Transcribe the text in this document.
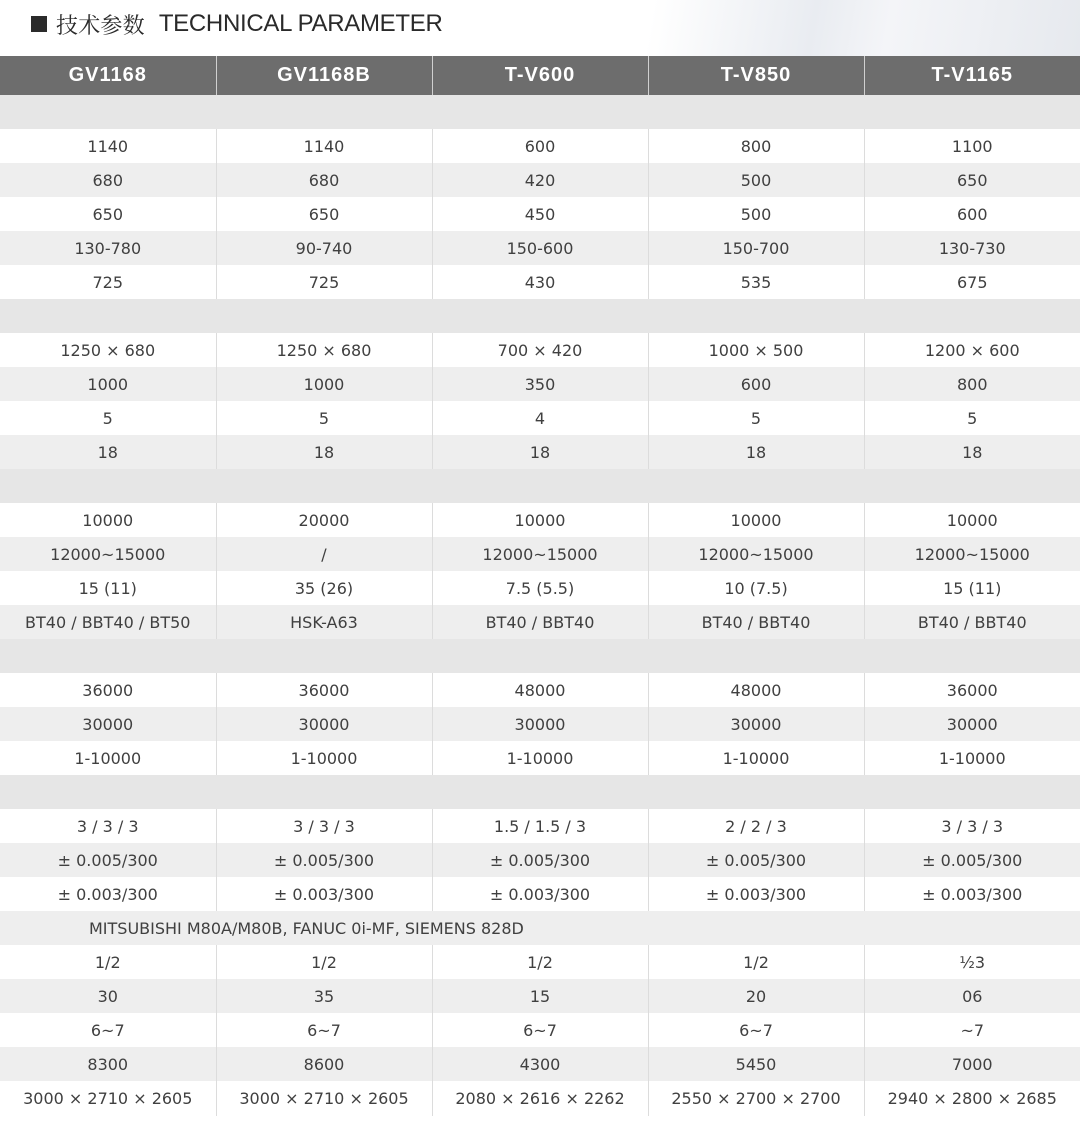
技术参数 TECHNICAL PARAMETER
GV1168	GV1168B	T-V600	T-V850	T-V1165

1140	1140	600	800	1100
680	680	420	500	650
650	650	450	500	600
130-780	90-740	150-600	150-700	130-730
725	725	430	535	675

1250 × 680	1250 × 680	700 × 420	1000 × 500	1200 × 600
1000	1000	350	600	800
5	5	4	5	5
18	18	18	18	18

10000	20000	10000	10000	10000
12000~15000	/	12000~15000	12000~15000	12000~15000
15 (11)	35 (26)	7.5 (5.5)	10 (7.5)	15 (11)
BT40 / BBT40 / BT50	HSK-A63	BT40 / BBT40	BT40 / BBT40	BT40 / BBT40

36000	36000	48000	48000	36000
30000	30000	30000	30000	30000
1-10000	1-10000	1-10000	1-10000	1-10000

3 / 3 / 3	3 / 3 / 3	1.5 / 1.5 / 3	2 / 2 / 3	3 / 3 / 3
± 0.005/300	± 0.005/300	± 0.005/300	± 0.005/300	± 0.005/300
± 0.003/300	± 0.003/300	± 0.003/300	± 0.003/300	± 0.003/300
MITSUBISHI M80A/M80B, FANUC 0i-MF, SIEMENS 828D				
1/2	1/2	1/2	1/2	½3
30	35	15	20	06
6~7	6~7	6~7	6~7	~7
8300	8600	4300	5450	7000
3000 × 2710 × 2605	3000 × 2710 × 2605	2080 × 2616 × 2262	2550 × 2700 × 2700	2940 × 2800 × 2685
